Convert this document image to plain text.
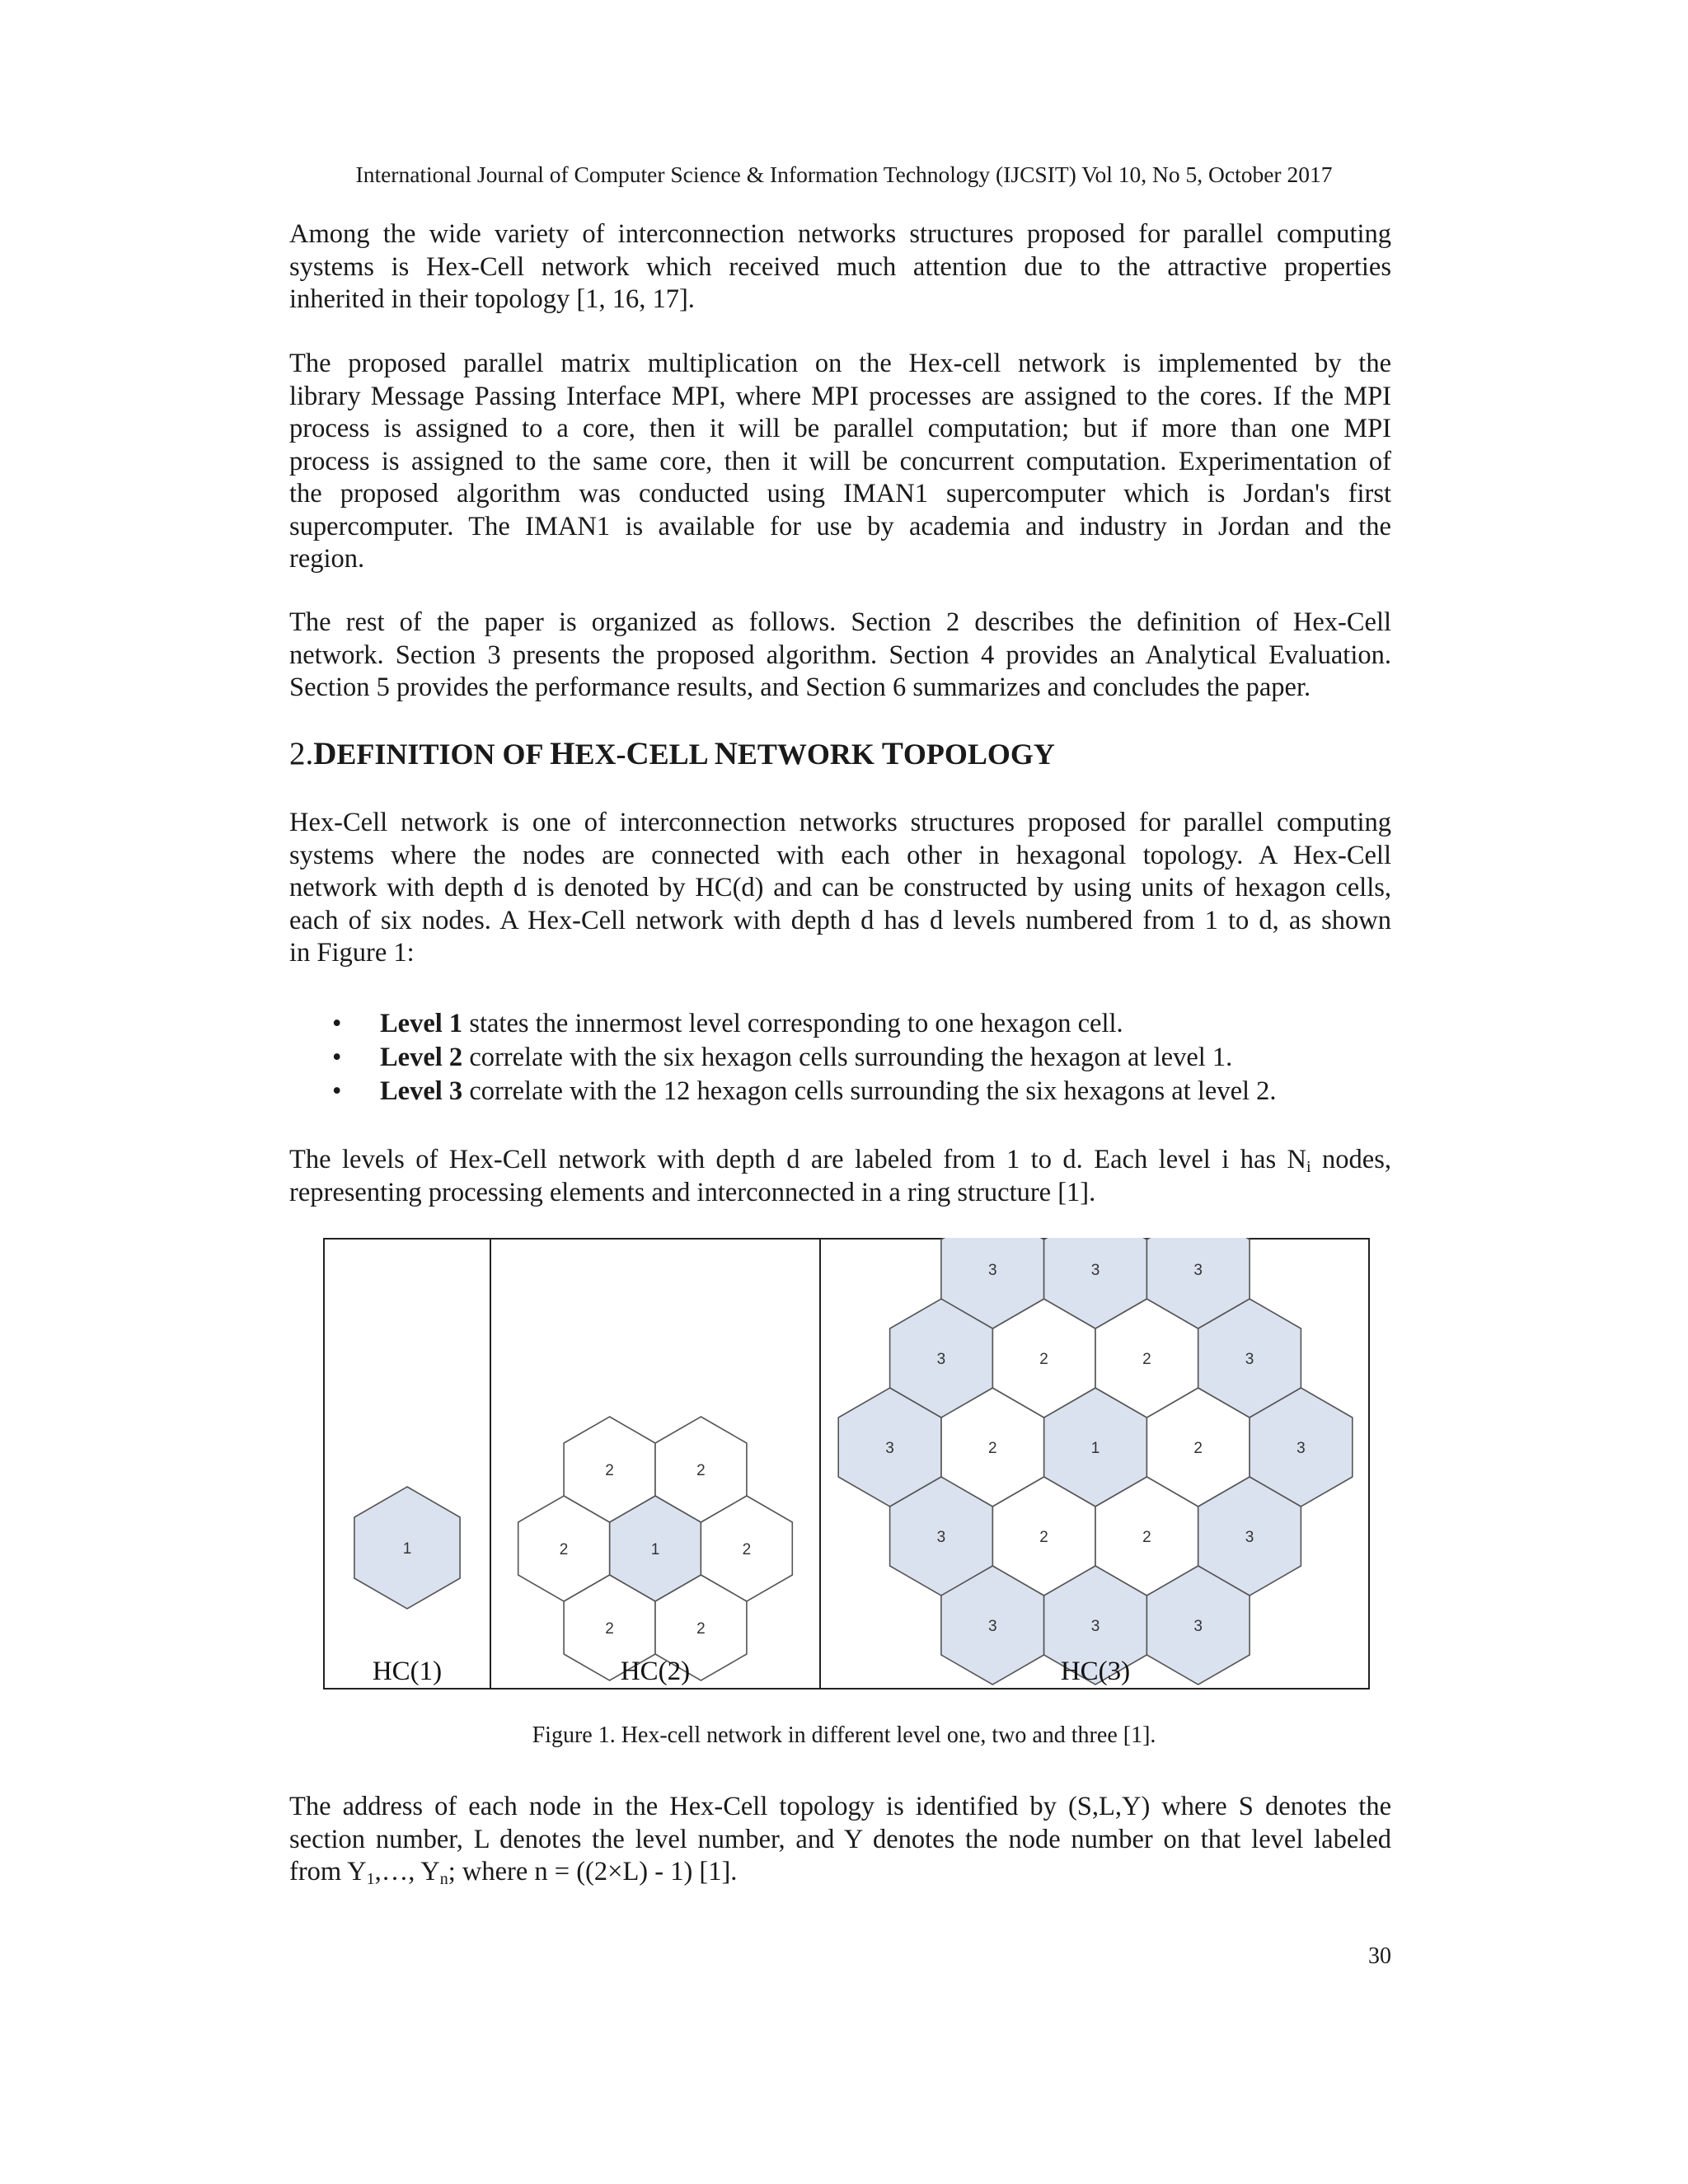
International Journal of Computer Science & Information Technology (IJCSIT) Vol 10, No 5, October 2017
Among the wide variety of interconnection networks structures proposed for parallel computing
systems is Hex-Cell network which received much attention due to the attractive properties
inherited in their topology [1, 16, 17].
The proposed parallel matrix multiplication on the Hex-cell network is implemented by the
library Message Passing Interface MPI, where MPI processes are assigned to the cores. If the MPI
process is assigned to a core, then it will be parallel computation; but if more than one MPI
process is assigned to the same core, then it will be concurrent computation. Experimentation of
the proposed algorithm was conducted using IMAN1 supercomputer which is Jordan's first
supercomputer. The IMAN1 is available for use by academia and industry in Jordan and the
region.
The rest of the paper is organized as follows. Section 2 describes the definition of Hex-Cell
network. Section 3 presents the proposed algorithm. Section 4 provides an Analytical Evaluation.
Section 5 provides the performance results, and Section 6 summarizes and concludes the paper.
2.DEFINITION OF HEX-CELL NETWORK TOPOLOGY
Hex-Cell network is one of interconnection networks structures proposed for parallel computing
systems where the nodes are connected with each other in hexagonal topology. A Hex-Cell
network with depth d is denoted by HC(d) and can be constructed by using units of hexagon cells,
each of six nodes. A Hex-Cell network with depth d has d levels numbered from 1 to d, as shown
in Figure 1:
• Level 1 states the innermost level corresponding to one hexagon cell.
• Level 2 correlate with the six hexagon cells surrounding the hexagon at level 1.
• Level 3 correlate with the 12 hexagon cells surrounding the six hexagons at level 2.
The levels of Hex-Cell network with depth d are labeled from 1 to d. Each level i has $N_i$ nodes,
representing processing elements and interconnected in a ring structure [1].
1	1	2
2
2	2
2	2
1	2
2
2	2
2	2
3	3	3
3	3
3	3
3	3
3	3	3
HC(1)	HC(2)	HC(3)
Figure 1. Hex-cell network in different level one, two and three [1].
The address of each node in the Hex-Cell topology is identified by (S,L,Y) where S denotes the
section number, L denotes the level number, and Y denotes the node number on that level labeled
from $Y_1,\dots$, $Y_n$; where n = ((2×L) - 1) [1].
30
